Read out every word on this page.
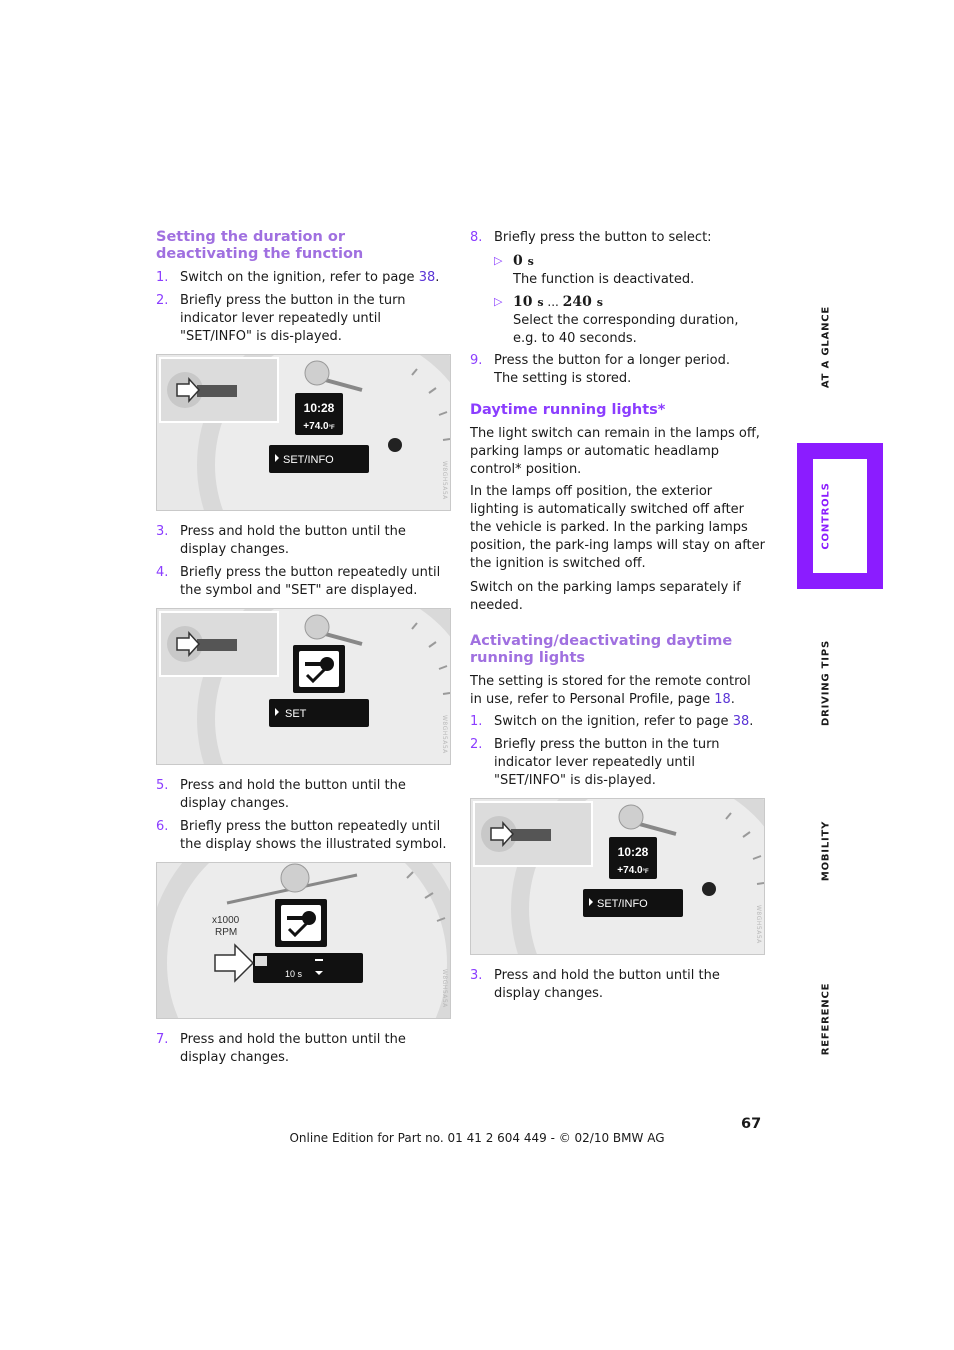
Setting the duration or deactivating the function
1. Switch on the ignition, refer to page 38.
2. Briefly press the button in the turn indicator lever repeatedly until "SET/INFO" is dis-played.
10:28
+74.0°F
SET/INFO
W8GH5A5A
3. Press and hold the button until the display changes.
4. Briefly press the button repeatedly until the symbol and "SET" are displayed.
SET
W8GH5A5A
5. Press and hold the button until the display changes.
6. Briefly press the button repeatedly until the display shows the illustrated symbol.
x1000
RPM
10 s	W8GH5A5A
7. Press and hold the button until the display changes.
8. Briefly press the button to select:
▷ 0 s
The function is deactivated.
▷ 10 s ... 240 s
Select the corresponding duration, e.g. to 40 seconds.
9. Press the button for a longer period.
The setting is stored.
Daytime running lights*
The light switch can remain in the lamps off, parking lamps or automatic headlamp control* position.
In the lamps off position, the exterior lighting is automatically switched off after the vehicle is parked. In the parking lamps position, the park-ing lamps will stay on after the ignition is switched off.
Switch on the parking lamps separately if needed.
Activating/deactivating daytime running lights
The setting is stored for the remote control in use, refer to Personal Profile, page 18.
1. Switch on the ignition, refer to page 38.
2. Briefly press the button in the turn indicator lever repeatedly until "SET/INFO" is dis-played.
10:28
+74.0°F
SET/INFO
W8GH5A5A
3. Press and hold the button until the display changes.
AT A GLANCE
CONTROLS
DRIVING TIPS
MOBILITY
REFERENCE
67
Online Edition for Part no. 01 41 2 604 449 - © 02/10 BMW AG
